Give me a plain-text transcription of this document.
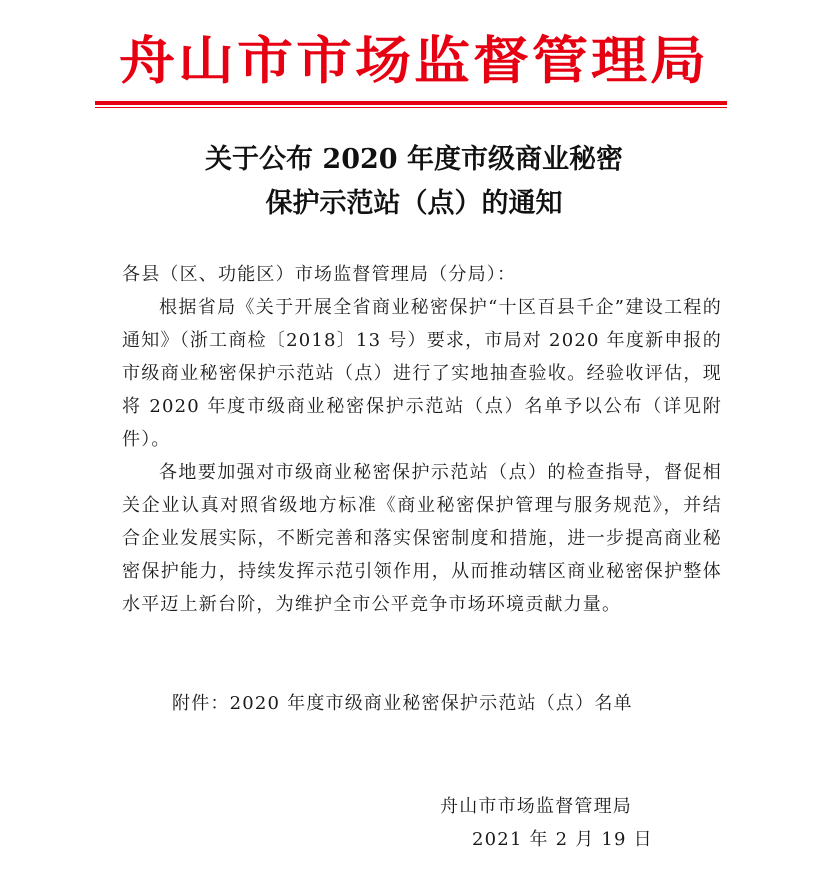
舟山市市场监督管理局
关于公布 2020 年度市级商业秘密
保护示范站（点）的通知

各县（区、功能区）市场监督管理局（分局）：

根据省局《关于开展全省商业秘密保护“十区百县千企”建设工程的通知》（浙工商检〔2018〕13 号）要求，市局对 2020 年度新申报的市级商业秘密保护示范站（点）进行了实地抽查验收。经验收评估，现将 2020 年度市级商业秘密保护示范站（点）名单予以公布（详见附件）。

各地要加强对市级商业秘密保护示范站（点）的检查指导，督促相关企业认真对照省级地方标准《商业秘密保护管理与服务规范》，并结合企业发展实际，不断完善和落实保密制度和措施，进一步提高商业秘密保护能力，持续发挥示范引领作用，从而推动辖区商业秘密保护整体水平迈上新台阶，为维护全市公平竞争市场环境贡献力量。

附件：2020 年度市级商业秘密保护示范站（点）名单
舟山市市场监督管理局
2021 年 2 月 19 日
